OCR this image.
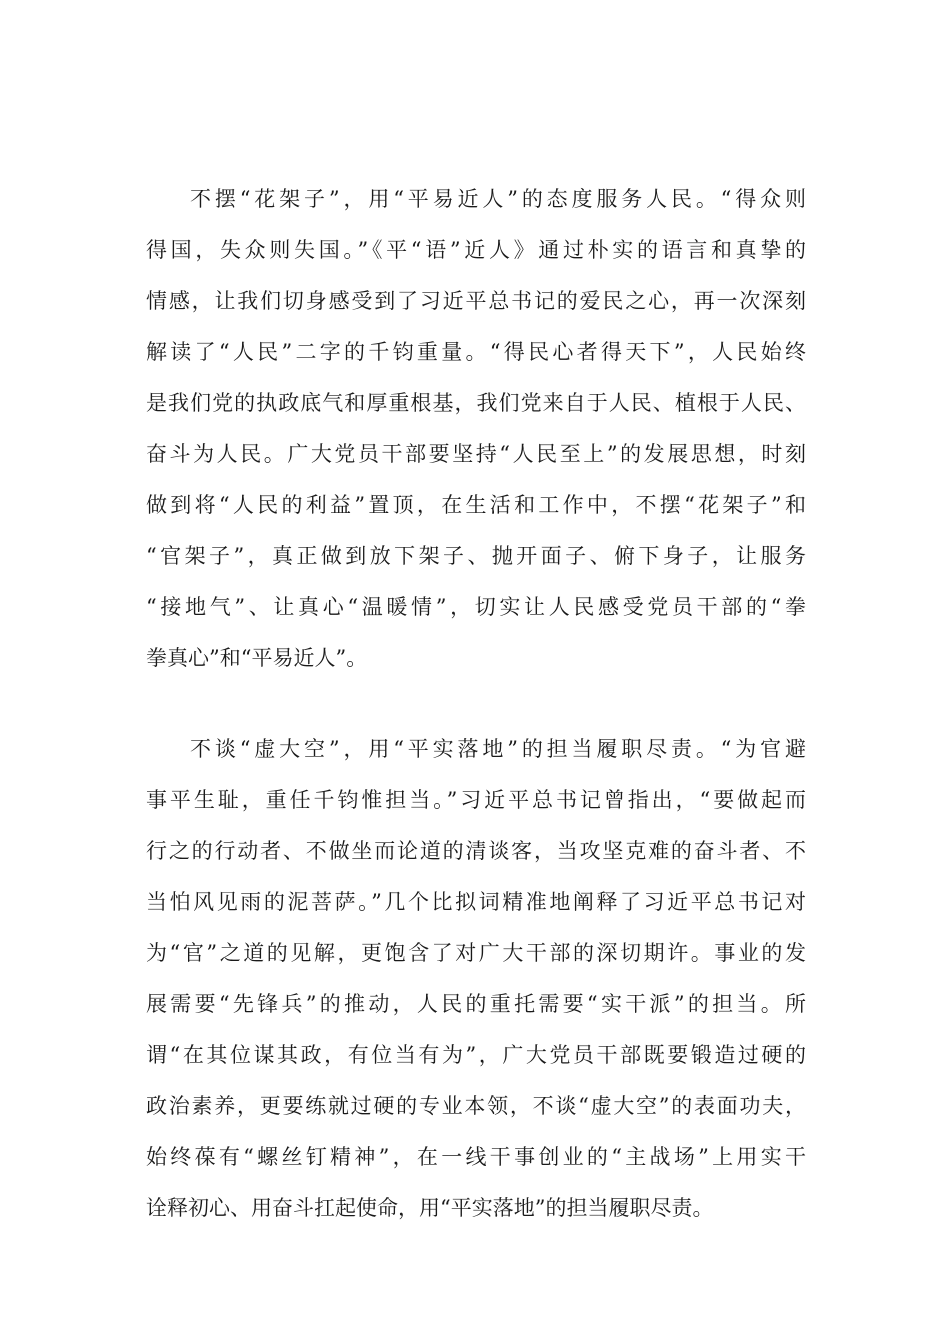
不摆“花架子”，用“平易近人”的态度服务人民。“得众则
得国，失众则失国。”《平“语”近人》通过朴实的语言和真挚的
情感，让我们切身感受到了习近平总书记的爱民之心，再一次深刻
解读了“人民”二字的千钧重量。“得民心者得天下”，人民始终
是我们党的执政底气和厚重根基，我们党来自于人民、植根于人民、
奋斗为人民。广大党员干部要坚持“人民至上”的发展思想，时刻
做到将“人民的利益”置顶，在生活和工作中，不摆“花架子”和
“官架子”，真正做到放下架子、抛开面子、俯下身子，让服务
“接地气”、让真心“温暖情”，切实让人民感受党员干部的“拳
拳真心”和“平易近人”。
不谈“虚大空”，用“平实落地”的担当履职尽责。“为官避
事平生耻，重任千钧惟担当。”习近平总书记曾指出，“要做起而
行之的行动者、不做坐而论道的清谈客，当攻坚克难的奋斗者、不
当怕风见雨的泥菩萨。”几个比拟词精准地阐释了习近平总书记对
为“官”之道的见解，更饱含了对广大干部的深切期许。事业的发
展需要“先锋兵”的推动，人民的重托需要“实干派”的担当。所
谓“在其位谋其政，有位当有为”，广大党员干部既要锻造过硬的
政治素养，更要练就过硬的专业本领，不谈“虚大空”的表面功夫，
始终葆有“螺丝钉精神”，在一线干事创业的“主战场”上用实干
诠释初心、用奋斗扛起使命，用“平实落地”的担当履职尽责。
